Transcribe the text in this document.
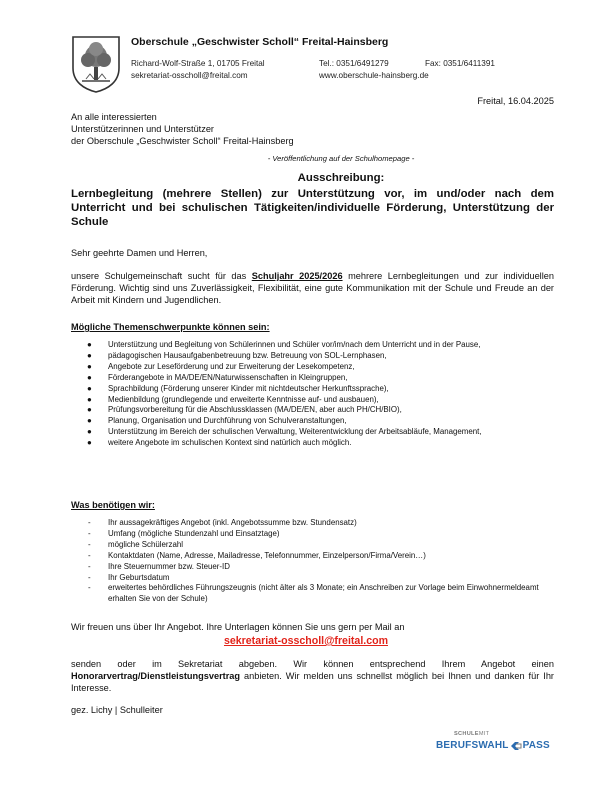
Oberschule „Geschwister Scholl“ Freital-Hainsberg
Richard-Wolf-Straße 1, 01705 Freital
sekretariat-osscholl@freital.com
Tel.: 0351/6491279	Fax: 0351/6411391
www.oberschule-hainsberg.de
Freital, 16.04.2025
An alle interessierten
Unterstützerinnen und Unterstützer
der Oberschule „Geschwister Scholl“ Freital-Hainsberg
- Veröffentlichung auf der Schulhomepage -
Ausschreibung:
Lernbegleitung (mehrere Stellen) zur Unterstützung vor, im und/oder nach dem Unterricht und bei schulischen Tätigkeiten/individuelle Förderung, Unterstützung der Schule
Sehr geehrte Damen und Herren,
unsere Schulgemeinschaft sucht für das Schuljahr 2025/2026 mehrere Lernbegleitungen und zur individuellen Förderung. Wichtig sind uns Zuverlässigkeit, Flexibilität, eine gute Kommunikation mit der Schule und Freude an der Arbeit mit Kindern und Jugendlichen.
Mögliche Themenschwerpunkte können sein:
● Unterstützung und Begleitung von Schülerinnen und Schüler vor/im/nach dem Unterricht und in der Pause,
● pädagogischen Hausaufgabenbetreuung bzw. Betreuung von SOL-Lernphasen,
● Angebote zur Leseförderung und zur Erweiterung der Lesekompetenz,
● Förderangebote in MA/DE/EN/Naturwissenschaften in Kleingruppen,
● Sprachbildung (Förderung unserer Kinder mit nichtdeutscher Herkunftssprache),
● Medienbildung (grundlegende und erweiterte Kenntnisse auf- und ausbauen),
● Prüfungsvorbereitung für die Abschlussklassen (MA/DE/EN, aber auch PH/CH/BIO),
● Planung, Organisation und Durchführung von Schulveranstaltungen,
● Unterstützung im Bereich der schulischen Verwaltung, Weiterentwicklung der Arbeitsabläufe, Management,
● weitere Angebote im schulischen Kontext sind natürlich auch möglich.
Was benötigen wir:
- Ihr aussagekräftiges Angebot (inkl. Angebotssumme bzw. Stundensatz)
- Umfang (mögliche Stundenzahl und Einsatztage)
- mögliche Schülerzahl
- Kontaktdaten (Name, Adresse, Mailadresse, Telefonnummer, Einzelperson/Firma/Verein…)
- Ihre Steuernummer bzw. Steuer-ID
- Ihr Geburtsdatum
- erweitertes behördliches Führungszeugnis (nicht älter als 3 Monate; ein Anschreiben zur Vorlage beim Einwohnermeldeamt erhalten Sie von der Schule)
Wir freuen uns über Ihr Angebot. Ihre Unterlagen können Sie uns gern per Mail an
sekretariat-osscholl@freital.com
senden oder im Sekretariat abgeben. Wir können entsprechend Ihrem Angebot einen Honorarvertrag/Dienstleistungsvertrag anbieten. Wir melden uns schnellst möglich bei Ihnen und danken für Ihr Interesse.
gez. Lichy | Schulleiter
SCHULEMIT
BERUFSWAHL PASS
